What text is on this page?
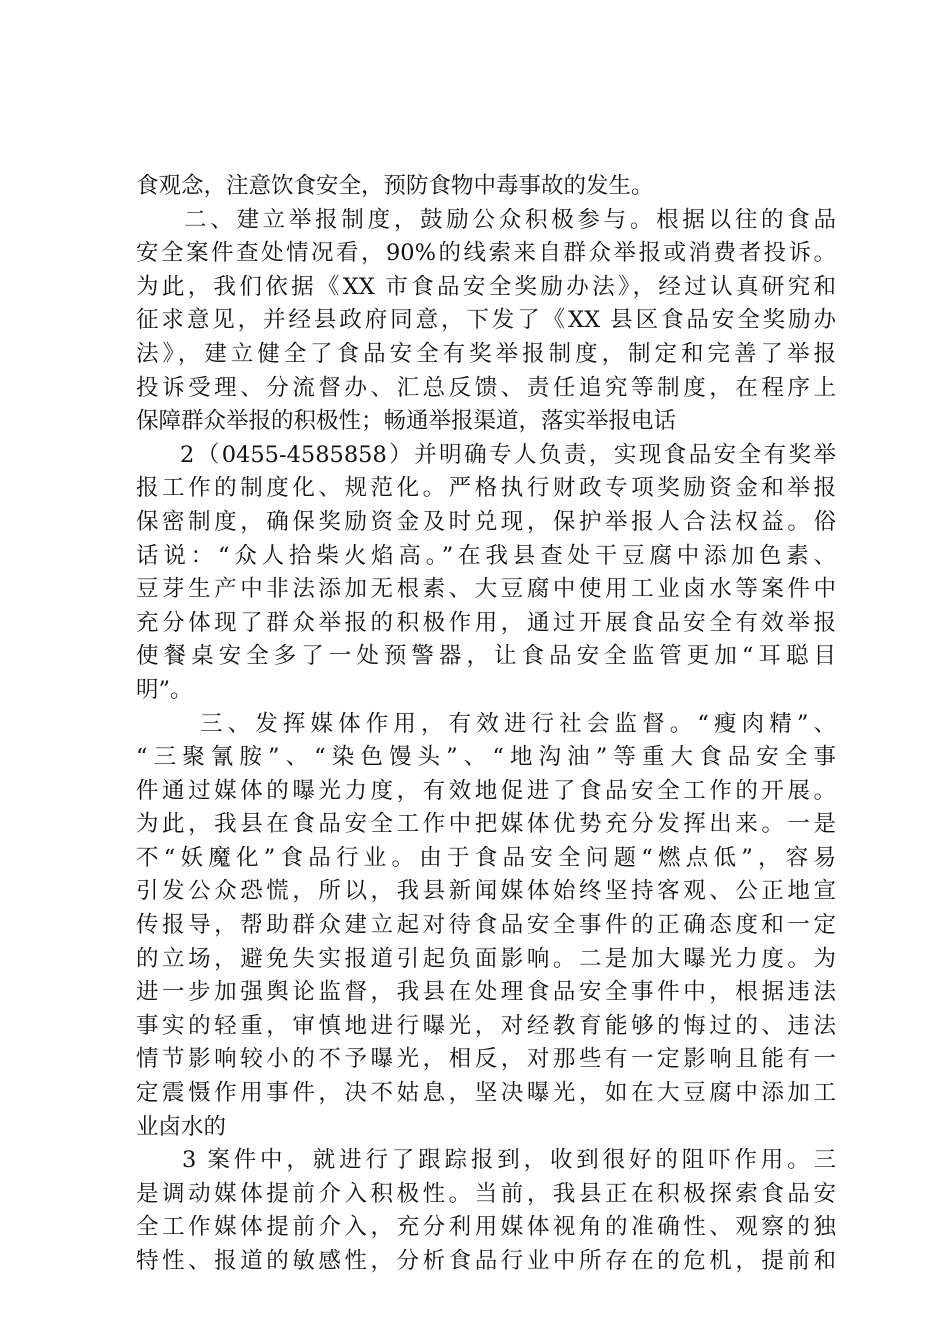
食观念，注意饮食安全，预防食物中毒事故的发生。
二、建立举报制度，鼓励公众积极参与。根据以往的食品
安全案件查处情况看，90%的线索来自群众举报或消费者投诉。
为此，我们依据《XX 市食品安全奖励办法》，经过认真研究和
征求意见，并经县政府同意，下发了《XX 县区食品安全奖励办
法》，建立健全了食品安全有奖举报制度，制定和完善了举报
投诉受理、分流督办、汇总反馈、责任追究等制度，在程序上
保障群众举报的积极性；畅通举报渠道，落实举报电话
2（0455-4585858）并明确专人负责，实现食品安全有奖举
报工作的制度化、规范化。严格执行财政专项奖励资金和举报
保密制度，确保奖励资金及时兑现，保护举报人合法权益。俗
话说：“众人拾柴火焰高。”在我县查处干豆腐中添加色素、
豆芽生产中非法添加无根素、大豆腐中使用工业卤水等案件中
充分体现了群众举报的积极作用，通过开展食品安全有效举报
使餐桌安全多了一处预警器，让食品安全监管更加“耳聪目
明”。
三、发挥媒体作用，有效进行社会监督。“瘦肉精”、
“三聚氰胺”、“染色馒头”、“地沟油”等重大食品安全事
件通过媒体的曝光力度，有效地促进了食品安全工作的开展。
为此，我县在食品安全工作中把媒体优势充分发挥出来。一是
不“妖魔化”食品行业。由于食品安全问题“燃点低”，容易
引发公众恐慌，所以，我县新闻媒体始终坚持客观、公正地宣
传报导，帮助群众建立起对待食品安全事件的正确态度和一定
的立场，避免失实报道引起负面影响。二是加大曝光力度。为
进一步加强舆论监督，我县在处理食品安全事件中，根据违法
事实的轻重，审慎地进行曝光，对经教育能够的悔过的、违法
情节影响较小的不予曝光，相反，对那些有一定影响且能有一
定震慑作用事件，决不姑息，坚决曝光，如在大豆腐中添加工
业卤水的
3 案件中，就进行了跟踪报到，收到很好的阻吓作用。三
是调动媒体提前介入积极性。当前，我县正在积极探索食品安
全工作媒体提前介入，充分利用媒体视角的准确性、观察的独
特性、报道的敏感性，分析食品行业中所存在的危机，提前和
